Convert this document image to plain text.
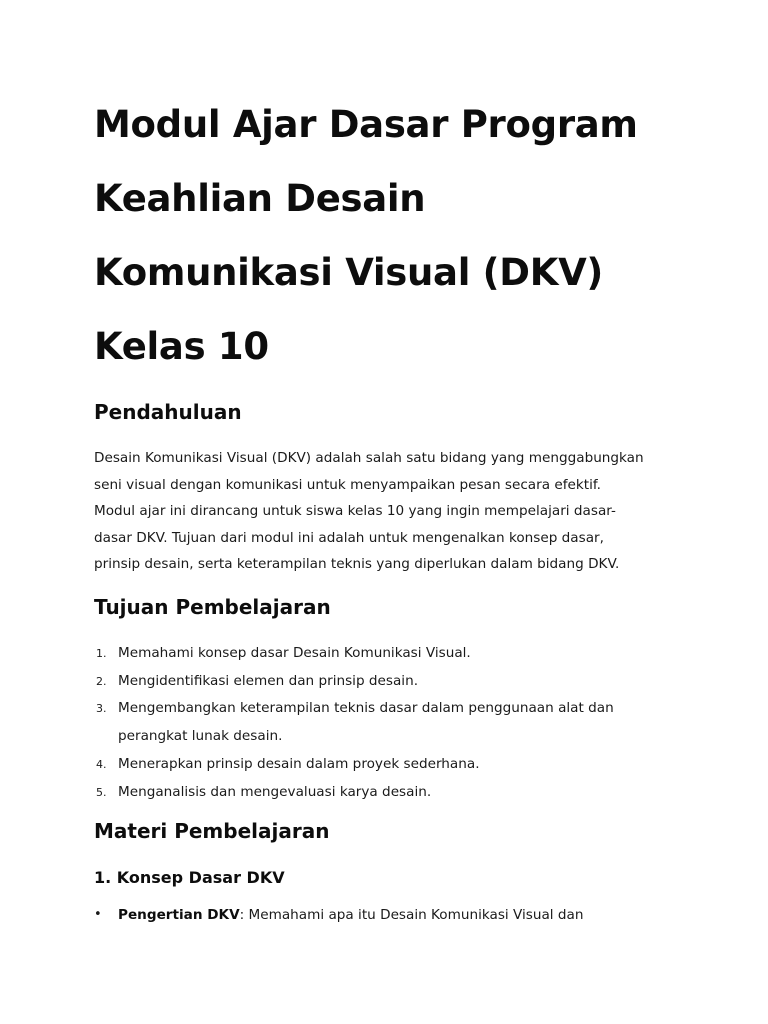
Modul Ajar Dasar Program
Keahlian Desain
Komunikasi Visual (DKV)
Kelas 10
Pendahuluan

Desain Komunikasi Visual (DKV) adalah salah satu bidang yang menggabungkan
seni visual dengan komunikasi untuk menyampaikan pesan secara efektif.
Modul ajar ini dirancang untuk siswa kelas 10 yang ingin mempelajari dasar-
dasar DKV. Tujuan dari modul ini adalah untuk mengenalkan konsep dasar,
prinsip desain, serta keterampilan teknis yang diperlukan dalam bidang DKV.

Tujuan Pembelajaran
1. Memahami konsep dasar Desain Komunikasi Visual.
2. Mengidentifikasi elemen dan prinsip desain.
3. Mengembangkan keterampilan teknis dasar dalam penggunaan alat dan
perangkat lunak desain.
4. Menerapkan prinsip desain dalam proyek sederhana.
5. Menganalisis dan mengevaluasi karya desain.
Materi Pembelajaran
1. Konsep Dasar DKV
• Pengertian DKV: Memahami apa itu Desain Komunikasi Visual dan
